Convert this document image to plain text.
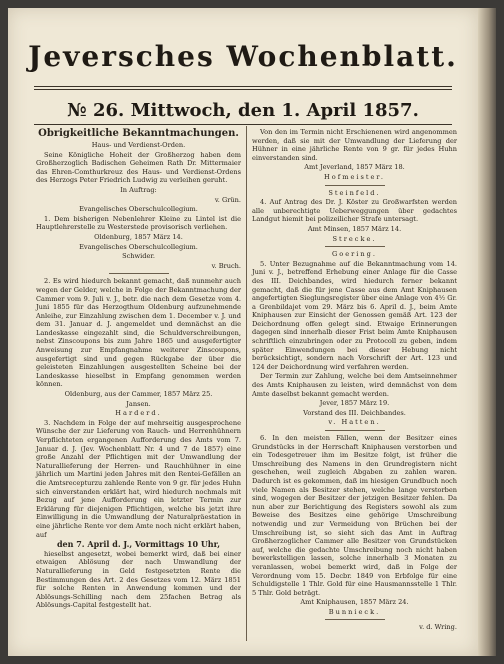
Jeversches Wochenblatt.
№ 26. Mittwoch, den 1. April 1857.

Obrigkeitliche Bekanntmachungen.

Haus- und Verdienst-Orden.

Seine Königliche Hoheit der Großherzog haben dem Großherzoglich Badischen Geheimen Rath Dr. Mittermaier das Ehren-Comthurkreuz des Haus- und Verdienst-Ordens des Herzogs Peter Friedrich Ludwig zu verleihen geruht.

In Auftrag:

v. Grün.

Evangelisches Oberschulcollegium.

1. Dem bisherigen Nebenlehrer Kleine zu Lintel ist die Hauptlehrerstelle zu Westerstede provisorisch verliehen.

Oldenburg, 1857 März 14.

Evangelisches Oberschulcollegium.

Schwider.

v. Bruch.

2. Es wird hiedurch bekannt gemacht, daß nunmehr auch wegen der Gelder, welche in Folge der Bekanntmachung der Cammer vom 9. Juli v. J., betr. die nach dem Gesetze vom 4. Juni 1855 für das Herzogthum Oldenburg aufzunehmende Anleihe, zur Einzahlung zwischen dem 1. December v. J. und dem 31. Januar d. J. angemeldet und demnächst an die Landeskasse eingezahlt sind, die Schuldverschreibungen, nebst Zinscoupons bis zum Jahre 1865 und ausgefertigter Anweisung zur Empfangnahme weiterer Zinscoupons, ausgefertigt sind und gegen Rückgabe der über die geleisteten Einzahlungen ausgestellten Scheine bei der Landeskasse hieselbst in Empfang genommen werden können.

Oldenburg, aus der Cammer, 1857 März 25.

Jansen.

Harderd.

3. Nachdem in Folge der auf mehrseitig ausgesprochene Wünsche der zur Lieferung von Rauch- und Herrenhühnern Verpflichteten ergangenen Aufforderung des Amts vom 7. Januar d. J. (Jev. Wochenblatt Nr. 4 und 7 de 1857) eine große Anzahl der Pflichtigen mit der Umwandlung der Naturallieferung der Herren- und Rauchhühner in eine jährlich um Martini jeden Jahres mit den Rentei-Gefällen an die Amtsrecepturzu zahlende Rente von 9 gr. für jedes Huhn sich einverstanden erklärt hat, wird hiedurch nochmals mit Bezug auf jene Aufforderung ein letzter Termin zur Erklärung für diejenigen Pflichtigen, welche bis jetzt ihre Einwilligung in die Umwandlung der Naturalpräestation in eine jährliche Rente vor dem Amte noch nicht erklärt haben, auf

den 7. April d. J., Vormittags 10 Uhr,

hieselbst angesetzt, wobei bemerkt wird, daß bei einer etwaigen Ablösung der nach Umwandlung der Naturallieferung in Geld festgesetzten Rente die Bestimmungen des Art. 2 des Gesetzes vom 12. März 1851 für solche Renten in Anwendung kommen und der Ablösungs-Schilling nach dem 25fachen Betrag als Ablösungs-Capital festgestellt hat.

Von den im Termin nicht Erschienenen wird angenommen werden, daß sie mit der Umwandlung der Lieferung der Hühner in eine jährliche Rente von 9 gr. für jedes Huhn einverstanden sind.

Amt Jeverland, 1857 März 18.

Hofmeister.

Steinfeld.

4. Auf Antrag des Dr. J. Köster zu Großwarfsten werden alle unberechtigte Ueberweggungen über gedachtes Landgut hiemit bei polizeilicher Strafe untersagt.

Amt Minsen, 1857 März 14.

Strecke.

Goering.

5. Unter Bezugnahme auf die Bekanntmachung vom 14. Juni v. J., betreffend Erhebung einer Anlage für die Casse des III. Deichbandes, wird hiedurch ferner bekannt gemacht, daß die für jene Casse aus dem Amt Kniphausen angefertigten Sieglungsregister über eine Anlage von 4½ Gr. a Grenbildajet vom 29. März bis 6. April d. J., beim Amte Kniphausen zur Einsicht der Genossen gemäß Art. 123 der Deichordnung offen gelegt sind. Etwaige Erinnerungen dagegen sind innerhalb dieser Frist beim Amte Kniphausen schriftlich einzubringen oder zu Protocoll zu geben, indem später Einwendungen bei dieser Hebung nicht berücksichtigt, sondern nach Vorschrift der Art. 123 und 124 der Deichordnung wird verfahren werden.

Der Termin zur Zahlung, welche bei dem Amtseinnehmer des Amts Kniphausen zu leisten, wird demnächst von dem Amte daselbst bekannt gemacht werden.

Jever, 1857 März 19.

Vorstand des III. Deichbandes.

v. Hatten.

6. In den meisten Fällen, wenn der Besitzer eines Grundstücks in der Herrschaft Kniphausen verstorben und ein Todesgetreuer ihm im Besitze folgt, ist früher die Umschreibung des Namens in den Grundregistern nicht geschehen, weil zugleich Abgaben zu zahlen waren. Dadurch ist es gekommen, daß im hiesigen Grundbuch noch viele Namen als Besitzer stehen, welche lange verstorben sind, wogegen der Besitzer der jetzigen Besitzer fehlen. Da nun aber zur Berichtigung des Registers sowohl als zum Beweise des Besitzes eine gehörige Umschreibung notwendig und zur Vermeidung von Brüchen bei der Umschreibung ist, so sieht sich das Amt in Auftrag Großherzoglicher Cammer alle Besitzer von Grundstücken auf, welche die gedachte Umschreibung noch nicht haben bewerkstelligen lassen, solche innerhalb 3 Monaten zu veranlassen, wobei bemerkt wird, daß in Folge der Verordnung vom 15. Decbr. 1849 von Erbfolge für eine Schuldigstelle 1 Thlr. Gold für eine Hausmannsstelle 1 Thlr. 5 Thlr. Gold beträgt.

Amt Kniphausen, 1857 März 24.

Bunnieck.

v. d. Wring.
